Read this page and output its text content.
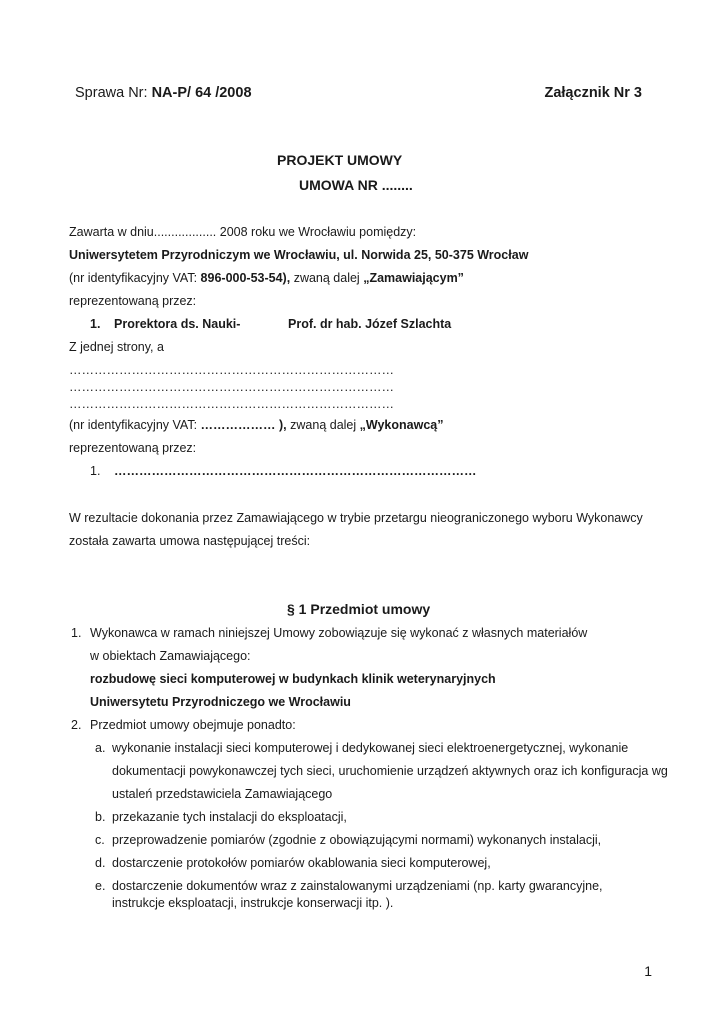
Sprawa Nr: NA-P/ 64 /2008	Załącznik Nr 3
PROJEKT UMOWY
UMOWA NR ........
Zawarta w dniu.................. 2008 roku we Wrocławiu pomiędzy:
Uniwersytetem Przyrodniczym we Wrocławiu, ul. Norwida 25, 50-375 Wrocław
(nr identyfikacyjny VAT: 896-000-53-54), zwaną dalej „Zamawiającym”
reprezentowaną przez:
1. Prorektora ds. Nauki-	Prof. dr hab. Józef Szlachta
Z jednej strony, a
……………………………………………………………………
……………………………………………………………………
……………………………………………………………………
(nr identyfikacyjny VAT: ……………… ), zwaną dalej „Wykonawcą”
reprezentowaną przez:
1. ……………………………………………………………………………
W rezultacie dokonania przez Zamawiającego w trybie przetargu nieograniczonego wyboru Wykonawcy
została zawarta umowa następującej treści:
§ 1 Przedmiot umowy
1. Wykonawca w ramach niniejszej Umowy zobowiązuje się wykonać z własnych materiałów
w obiektach Zamawiającego:
rozbudowę sieci komputerowej w budynkach klinik weterynaryjnych
Uniwersytetu Przyrodniczego we Wrocławiu
2. Przedmiot umowy obejmuje ponadto:
a. wykonanie instalacji sieci komputerowej i dedykowanej sieci elektroenergetycznej, wykonanie
dokumentacji powykonawczej tych sieci, uruchomienie urządzeń aktywnych oraz ich konfiguracja wg
ustaleń przedstawiciela Zamawiającego
b. przekazanie tych instalacji do eksploatacji,
c. przeprowadzenie pomiarów (zgodnie z obowiązującymi normami) wykonanych instalacji,
d. dostarczenie protokołów pomiarów okablowania sieci komputerowej,
e. dostarczenie dokumentów wraz z zainstalowanymi urządzeniami (np. karty gwarancyjne,
instrukcje eksploatacji, instrukcje konserwacji itp. ).
1
